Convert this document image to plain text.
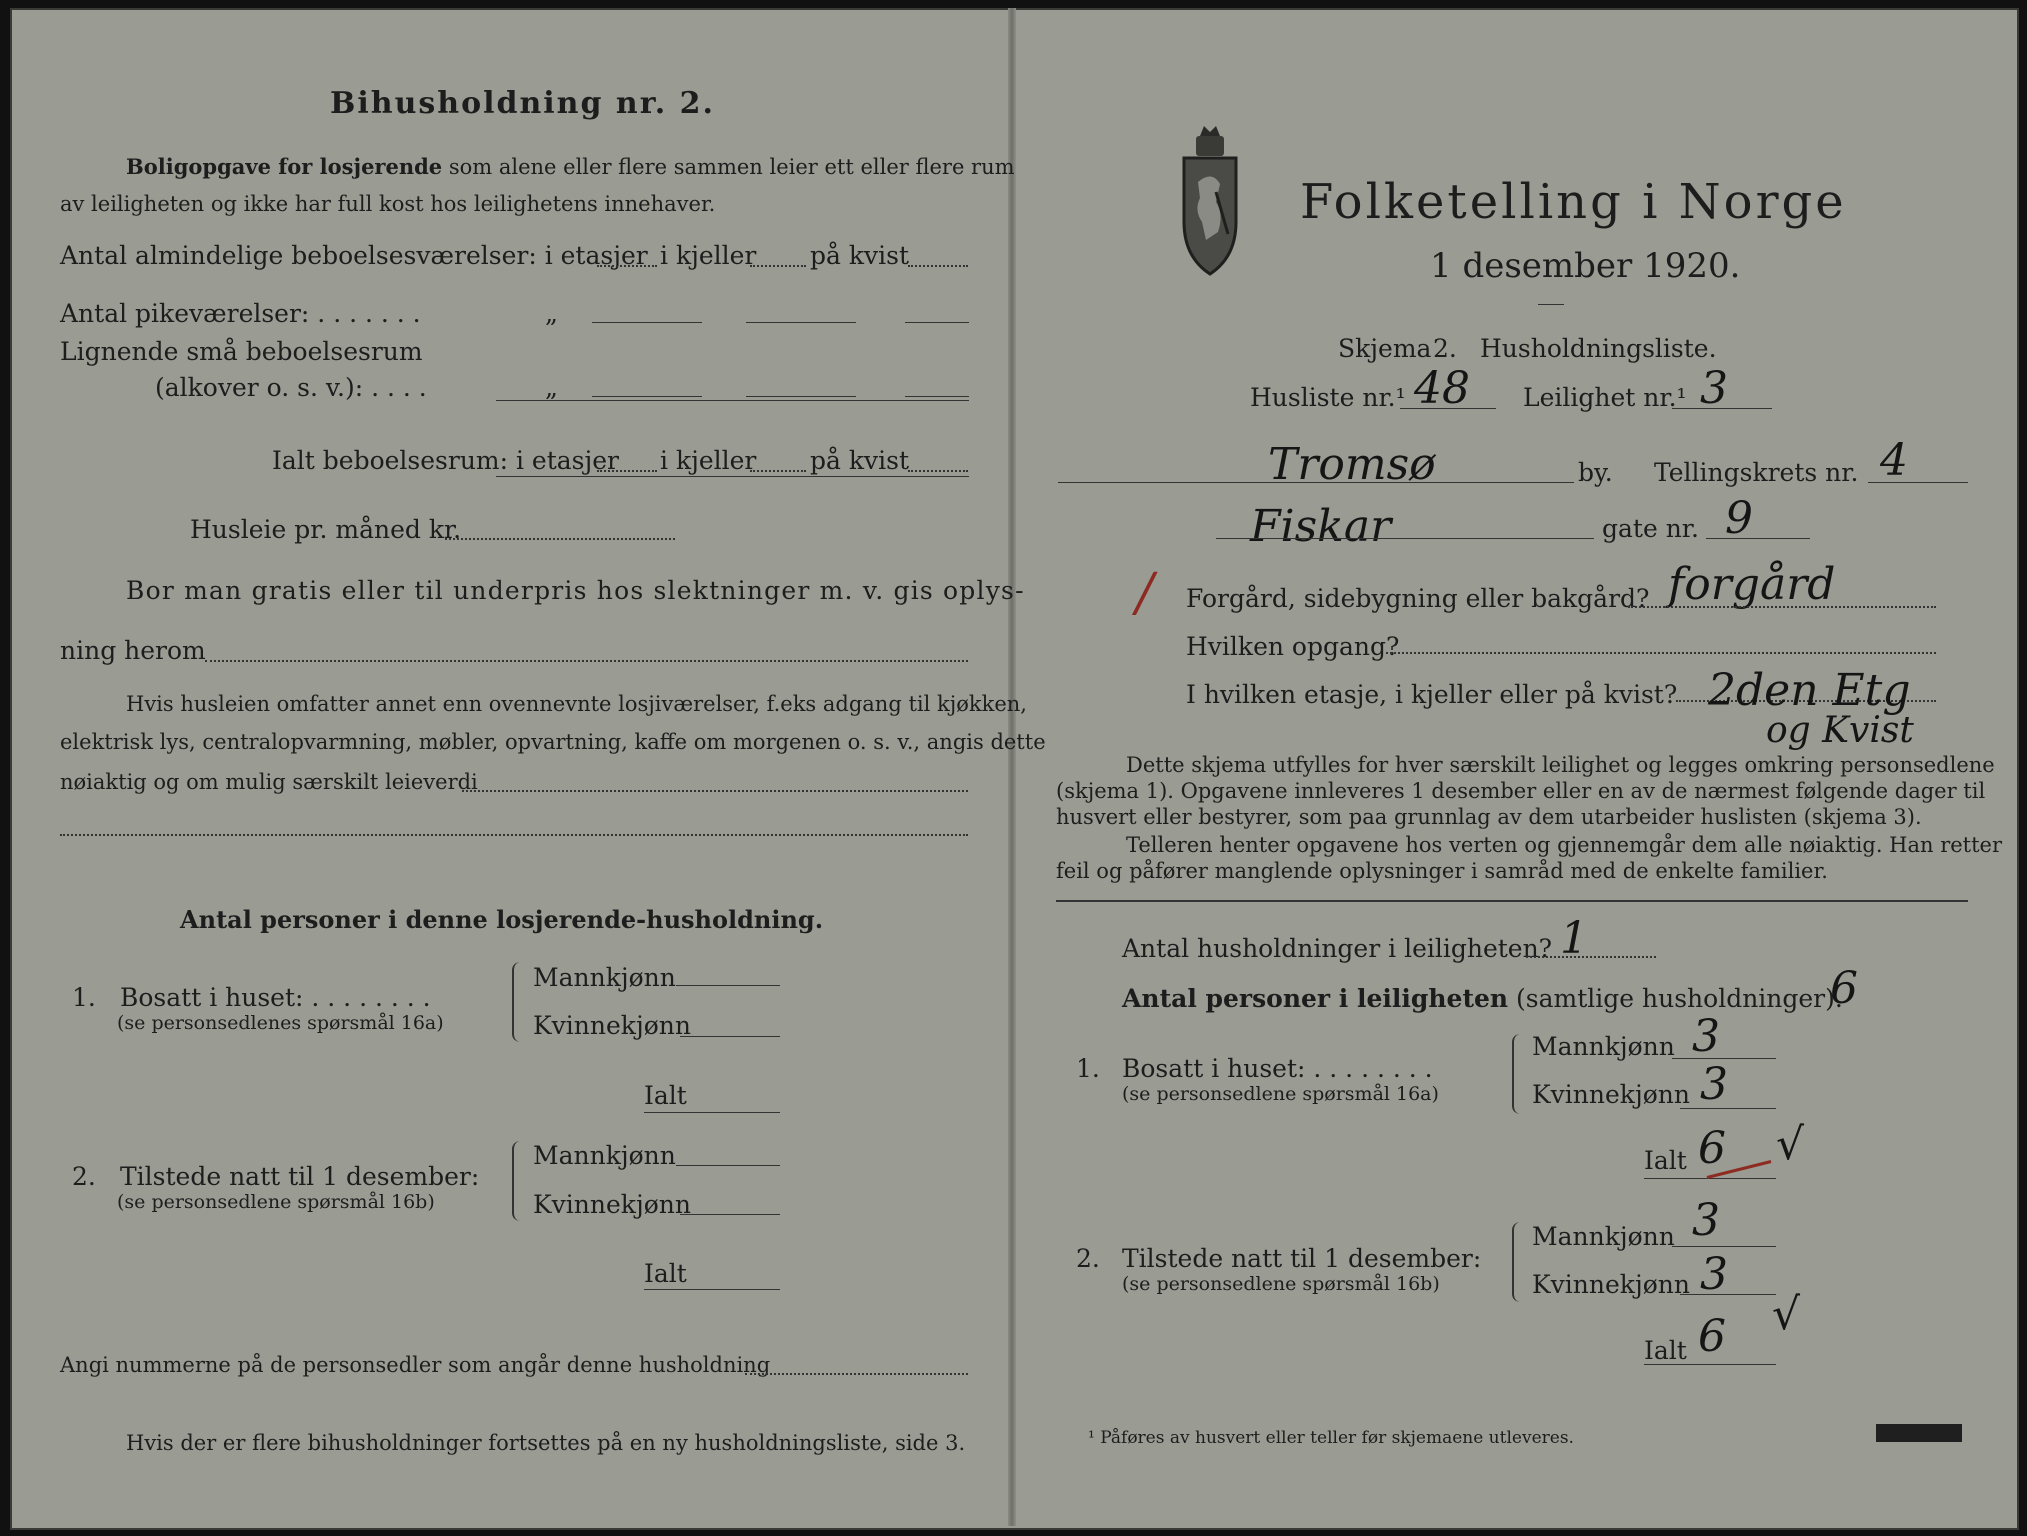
Bihusholdning nr. 2.
Boligopgave for losjerende som alene eller flere sammen leier ett eller flere rum
av leiligheten og ikke har full kost hos leilighetens innehaver.
Antal almindelige beboelsesværelser: i etasjer i kjeller på kvist
Antal pikeværelser: . . . . . . .	„
Lignende små beboelsesrum
(alkover o. s. v.): . . . .	„
Ialt beboelsesrum: i etasjer i kjeller på kvist
Husleie pr. måned kr.
Bor man gratis eller til underpris hos slektninger m. v. gis oplys-
ning herom
Hvis husleien omfatter annet enn ovennevnte losjiværelser, f.eks adgang til kjøkken,
elektrisk lys, centralopvarmning, møbler, opvartning, kaffe om morgenen o. s. v., angis dette
nøiaktig og om mulig særskilt leieverdi
Antal personer i denne losjerende-husholdning.
1. Bosatt i huset: . . . . . . . .
(se personsedlenes spørsmål 16a)
Mannkjønn
Kvinnekjønn
Ialt
2. Tilstede natt til 1 desember:
(se personsedlene spørsmål 16b)
Mannkjønn
Kvinnekjønn
Ialt
Angi nummerne på de personsedler som angår denne husholdning
Hvis der er flere bihusholdninger fortsettes på en ny husholdningsliste, side 3.
Folketelling i Norge
1 desember 1920.
Skjema 2. Husholdningsliste.
Husliste nr.¹ 48 Leilighet nr.¹ 3
Tromsø	by. Tellingskrets nr. 4
Fiskar	gate nr. 9
/ Forgård, sidebygning eller bakgård? forgård
Hvilken opgang?
I hvilken etasje, i kjeller eller på kvist? 2den Etg
og Kvist
Dette skjema utfylles for hver særskilt leilighet og legges omkring personsedlene
(skjema 1). Opgavene innleveres 1 desember eller en av de nærmest følgende dager til
husvert eller bestyrer, som paa grunnlag av dem utarbeider huslisten (skjema 3).
Telleren henter opgavene hos verten og gjennemgår dem alle nøiaktig. Han retter
feil og påfører manglende oplysninger i samråd med de enkelte familier.
Antal husholdninger i leiligheten? 1
Antal personer i leiligheten (samtlige husholdninger).
6
1. Bosatt i huset: . . . . . . . .
(se personsedlene spørsmål 16a)
Mannkjønn 3
Kvinnekjønn 3
Ialt 6 √
2. Tilstede natt til 1 desember:
(se personsedlene spørsmål 16b)
Mannkjønn 3
Kvinnekjønn 3
Ialt 6 √
¹ Påføres av husvert eller teller før skjemaene utleveres.
